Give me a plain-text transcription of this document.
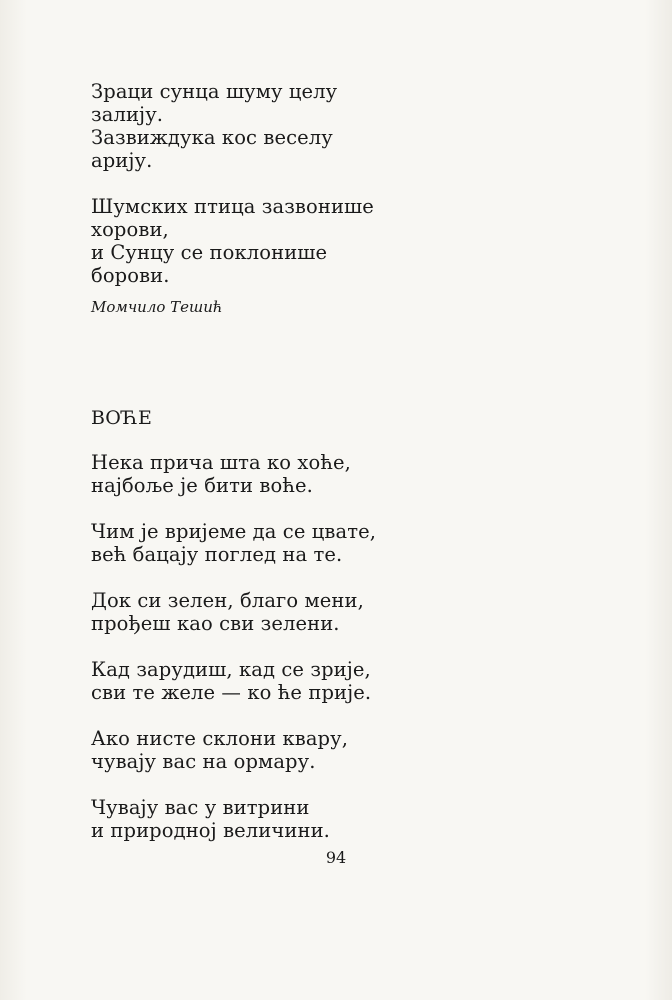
Зраци сунца шуму целу
залију.
Зазвиждука кос веселу
арију.
Шумских птица зазвонише
хорови,
и Сунцу се поклонише
борови.
Момчило Тешић
ВОЋЕ
Нека прича шта ко хоће,
најбоље је бити воће.
Чим је вријеме да се цвате,
већ бацају поглед на те.
Док си зелен, благо мени,
прођеш као сви зелени.
Кад зарудиш, кад се зрије,
сви те желе — ко ће прије.
Ако нисте склони квару,
чувају вас на ормару.
Чувају вас у витрини
и природној величини.
94
